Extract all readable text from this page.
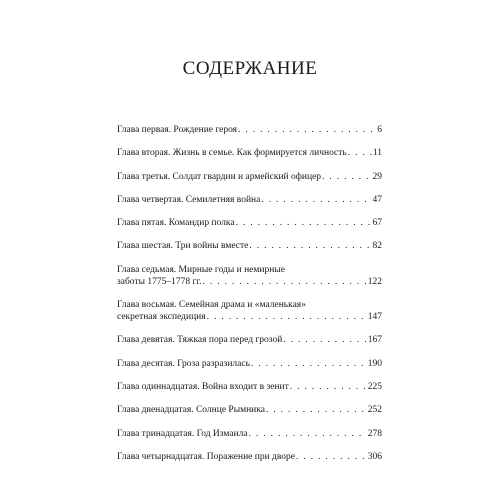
СОДЕРЖАНИЕ
Глава первая. Рождение героя . . .	6
Глава вторая. Жизнь в семье. Как формируется личность . . .	11
Глава третья. Солдат гвардии и армейский офицер . . .	29
Глава четвертая. Семилетняя война . . .	47
Глава пятая. Командир полка . . .	67
Глава шестая. Три войны вместе . . .	82
Глава седьмая. Мирные годы и немирные
заботы 1775–1778 гг. . . .	122
Глава восьмая. Семейная драма и «маленькая»
секретная экспедиция . . .	147
Глава девятая. Тяжкая пора перед грозой . . .	167
Глава десятая. Гроза разразилась . . .	190
Глава одиннадцатая. Война входит в зенит . . .	225
Глава двенадцатая. Солнце Рымника . . .	252
Глава тринадцатая. Год Измаила . . .	278
Глава четырнадцатая. Поражение при дворе . . .	306
